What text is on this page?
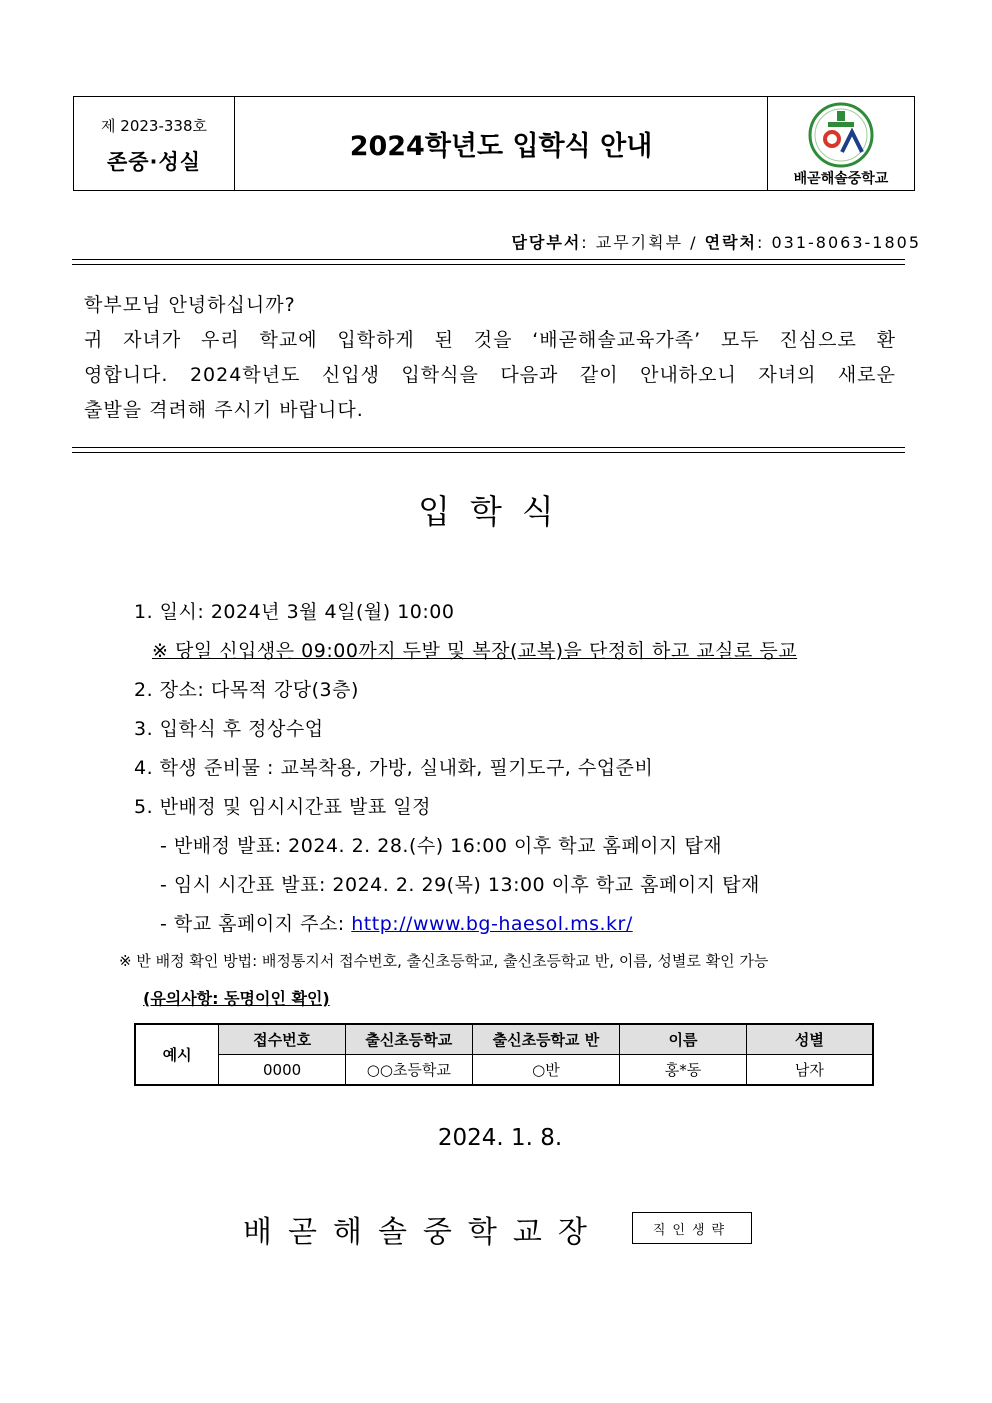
제 2023-338호
존중·성실	2024학년도 입학식 안내
배곧해솔중학교
담당부서: 교무기획부 / 연락처: 031-8063-1805

학부모님 안녕하십니까?

귀 자녀가 우리 학교에 입학하게 된 것을 ‘배곧해솔교육가족’ 모두 진심으로 환

영합니다. 2024학년도 신입생 입학식을 다음과 같이 안내하오니 자녀의 새로운

출발을 격려해 주시기 바랍니다.

입학식
1. 일시: 2024년 3월 4일(월) 10:00
※ 당일 신입생은 09:00까지 두발 및 복장(교복)을 단정히 하고 교실로 등교
2. 장소: 다목적 강당(3층)
3. 입학식 후 정상수업
4. 학생 준비물 : 교복착용, 가방, 실내화, 필기도구, 수업준비
5. 반배정 및 임시시간표 발표 일정
- 반배정 발표: 2024. 2. 28.(수) 16:00 이후 학교 홈페이지 탑재
- 임시 시간표 발표: 2024. 2. 29(목) 13:00 이후 학교 홈페이지 탑재
- 학교 홈페이지 주소: http://www.bg-haesol.ms.kr/
※ 반 배정 확인 방법: 배정통지서 접수번호, 출신초등학교, 출신초등학교 반, 이름, 성별로 확인 가능
(유의사항: 동명이인 확인)
예시	접수번호	출신초등학교	출신초등학교 반	이름	성별
	0000	○○초등학교	○반	홍*동	남자
2024. 1. 8.
배곧해솔중학교장	직인생략
